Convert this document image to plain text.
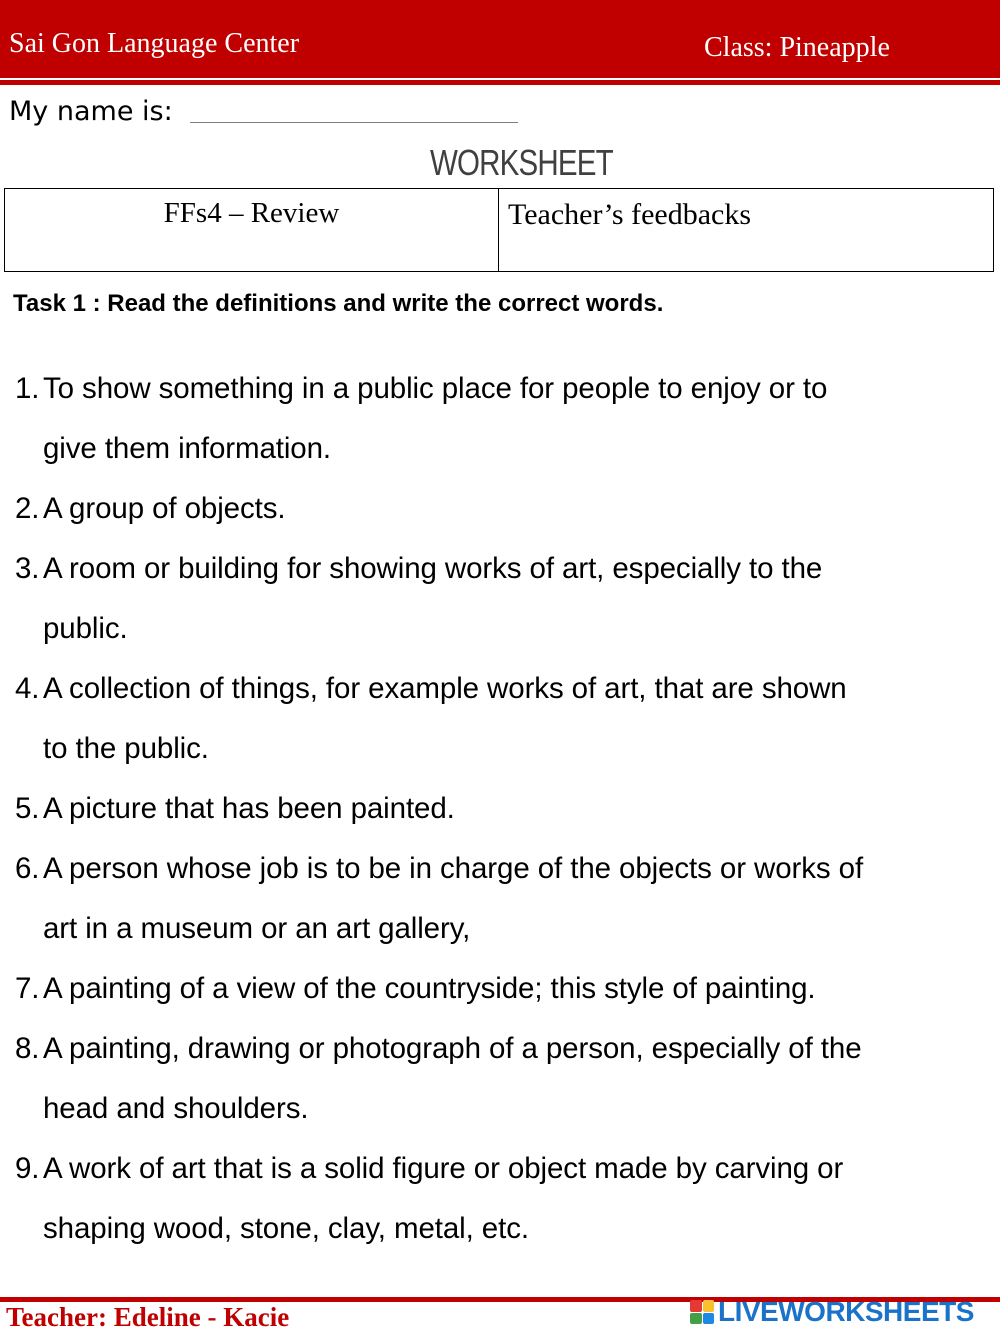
Sai Gon Language Center	Class: Pineapple
My name is:
WORKSHEET
FFs4 – Review	Teacher’s feedbacks
Task 1 : Read the definitions and write the correct words.
1. To show something in a public place for people to enjoy or to
give them information.
2. A group of objects.
3. A room or building for showing works of art, especially to the
public.
4. A collection of things, for example works of art, that are shown
to the public.
5. A picture that has been painted.
6. A person whose job is to be in charge of the objects or works of
art in a museum or an art gallery,
7. A painting of a view of the countryside; this style of painting.
8. A painting, drawing or photograph of a person, especially of the
head and shoulders.
9. A work of art that is a solid figure or object made by carving or
shaping wood, stone, clay, metal, etc.
Teacher: Edeline - Kacie	LIVEWORKSHEETS
